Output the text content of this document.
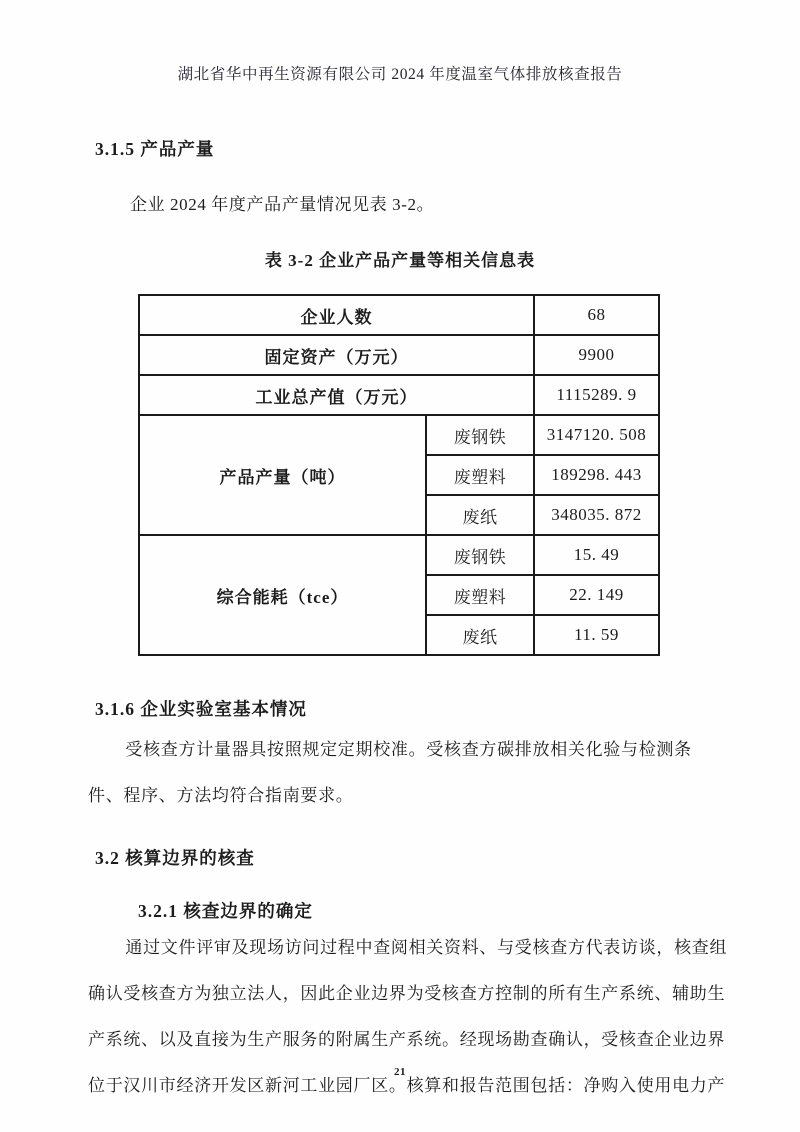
湖北省华中再生资源有限公司 2024 年度温室气体排放核查报告
3.1.5 产品产量
企业 2024 年度产品产量情况见表 3-2。
表 3-2 企业产品产量等相关信息表
企业人数		68
固定资产（万元）		9900
工业总产值（万元）		1115289. 9
产品产量（吨）	废钢铁	3147120. 508
	废塑料	189298. 443
	废纸	348035. 872
综合能耗（tce）	废钢铁	15. 49
	废塑料	22. 149
	废纸	11. 59
3.1.6 企业实验室基本情况
受核查方计量器具按照规定定期校准。受核查方碳排放相关化验与检测条
件、程序、方法均符合指南要求。
3.2 核算边界的核查
3.2.1 核查边界的确定
通过文件评审及现场访问过程中查阅相关资料、与受核查方代表访谈，核查组
确认受核查方为独立法人，因此企业边界为受核查方控制的所有生产系统、辅助生
产系统、以及直接为生产服务的附属生产系统。经现场勘查确认，受核查企业边界
位于汉川市经济开发区新河工业园厂区。核算和报告范围包括：净购入使用电力产
21
